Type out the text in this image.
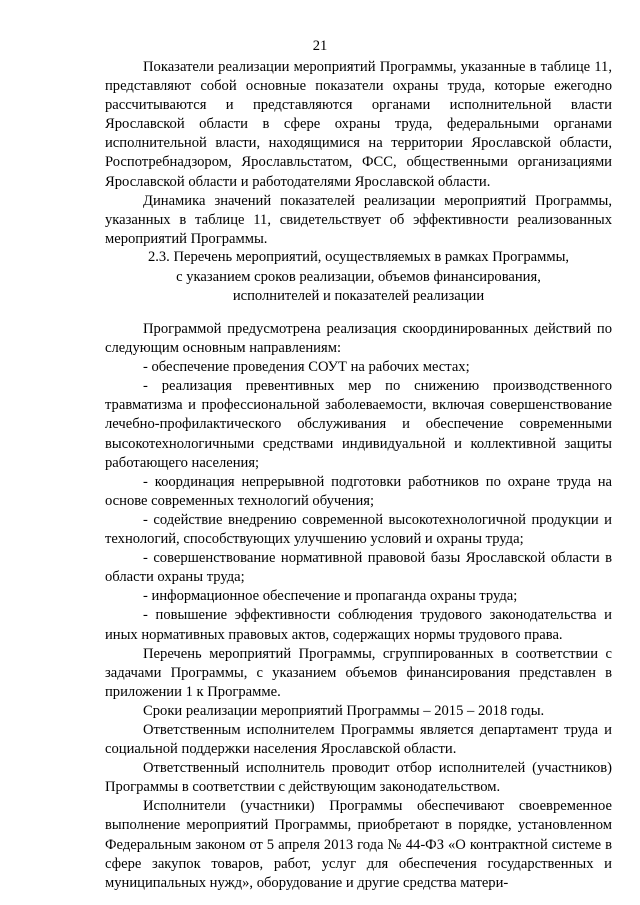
21

Показатели реализации мероприятий Программы, указанные в таблице 11, представляют собой основные показатели охраны труда, которые ежегодно рассчитываются и представляются органами исполнительной власти Ярославской области в сфере охраны труда, федеральными органами исполнительной власти, находящимися на территории Ярославской области, Роспотребнадзором, Ярославльстатом, ФСС, общественными организациями Ярославской области и работодателями Ярославской области.

Динамика значений показателей реализации мероприятий Программы, указанных в таблице 11, свидетельствует об эффективности реализованных мероприятий Программы.

2.3. Перечень мероприятий, осуществляемых в рамках Программы,
с указанием сроков реализации, объемов финансирования,
исполнителей и показателей реализации

Программой предусмотрена реализация скоординированных действий по следующим основным направлениям:

- обеспечение проведения СОУТ на рабочих местах;

- реализация превентивных мер по снижению производственного травматизма и профессиональной заболеваемости, включая совершенствование лечебно-профилактического обслуживания и обеспечение современными высокотехнологичными средствами индивидуальной и коллективной защиты работающего населения;

- координация непрерывной подготовки работников по охране труда на основе современных технологий обучения;

- содействие внедрению современной высокотехнологичной продукции и технологий, способствующих улучшению условий и охраны труда;

- совершенствование нормативной правовой базы Ярославской области в области охраны труда;

- информационное обеспечение и пропаганда охраны труда;

- повышение эффективности соблюдения трудового законодательства и иных нормативных правовых актов, содержащих нормы трудового права.

Перечень мероприятий Программы, сгруппированных в соответствии с задачами Программы, с указанием объемов финансирования представлен в приложении 1 к Программе.

Сроки реализации мероприятий Программы – 2015 – 2018 годы.

Ответственным исполнителем Программы является департамент труда и социальной поддержки населения Ярославской области.

Ответственный исполнитель проводит отбор исполнителей (участников) Программы в соответствии с действующим законодательством.

Исполнители (участники) Программы обеспечивают своевременное выполнение мероприятий Программы, приобретают в порядке, установленном Федеральным законом от 5 апреля 2013 года № 44-ФЗ «О контрактной системе в сфере закупок товаров, работ, услуг для обеспечения государственных и муниципальных нужд», оборудование и другие средства матери-
